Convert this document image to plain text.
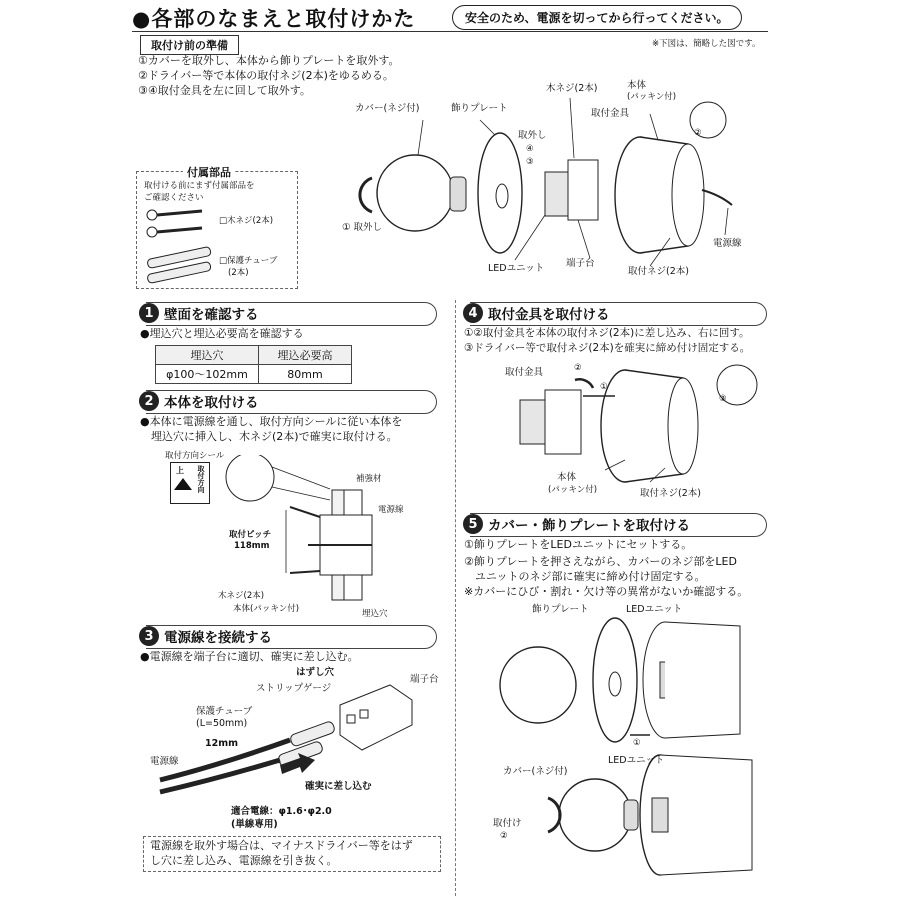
●各部のなまえと取付けかた	安全のため、電源を切ってから行ってください。
取付け前の準備	※下図は、簡略した図です。
①カバーを取外し、本体から飾りプレートを取外す。
②ドライバー等で本体の取付ネジ(2本)をゆるめる。
③④取付金具を左に回して取外す。
カバー(ネジ付)	飾りプレート
木ネジ(2本)	本体
(パッキン付)
取付金具
取外し
④
③
②
① 取外し
LEDユニット 端子台
取付ネジ(2本)
電源線
付属部品
取付ける前にまず付属部品を
ご確認ください
□木ネジ(2本)
□保護チューブ
(2本)
1 壁面を確認する
●埋込穴と埋込必要高を確認する
埋込穴	埋込必要高
φ100～102mm	80mm
2 本体を取付ける
●本体に電源線を通し、取付方向シールに従い本体を
　埋込穴に挿入し、木ネジ(2本)で確実に取付ける。
取付方向シール
上 取付方向	補強材
電源線
取付ピッチ
118mm
木ネジ(2本)
本体(パッキン付)	埋込穴
3 電源線を接続する
●電源線を端子台に適切、確実に差し込む。
はずし穴
ストリップゲージ
端子台
保護チューブ
(L=50mm)
12mm
電源線
確実に差し込む
適合電線：φ1.6･φ2.0
(単線専用)
電源線を取外す場合は、マイナスドライバー等をはず
し穴に差し込み、電源線を引き抜く。
4 取付金具を取付ける
①②取付金具を本体の取付ネジ(2本)に差し込み、右に回す。
③ドライバー等で取付ネジ(2本)を確実に締め付け固定する。
取付金具	②
①
③
本体
(パッキン付)	取付ネジ(2本)
5 カバー・飾りプレートを取付ける
①飾りプレートをLEDユニットにセットする。
②飾りプレートを押さえながら、カバーのネジ部をLED
　ユニットのネジ部に確実に締め付け固定する。
※カバーにひび・割れ・欠け等の異常がないか確認する。
飾りプレート	LEDユニット
①
カバー(ネジ付)
LEDユニット
取付け
②
